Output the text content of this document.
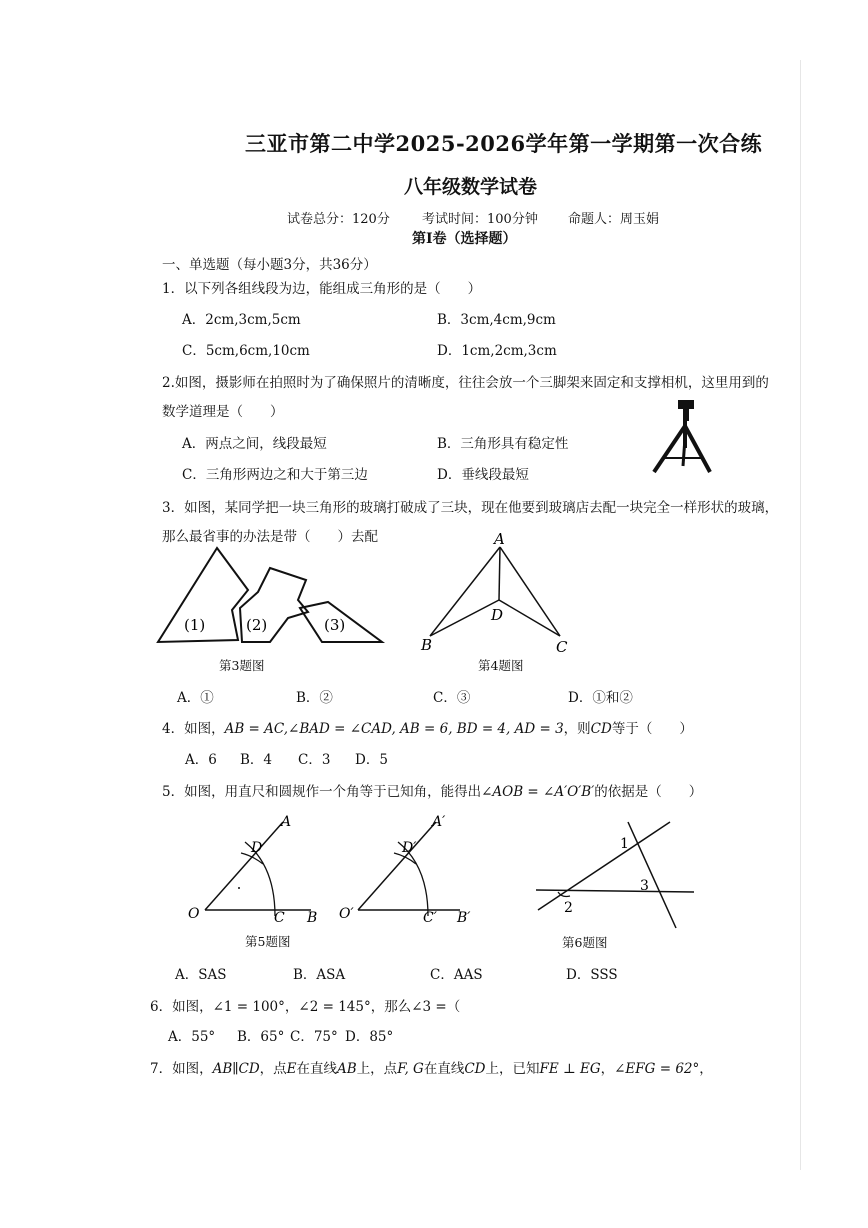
三亚市第二中学2025-2026学年第一学期第一次合练
八年级数学试卷
试卷总分：120分 考试时间：100分钟 命题人：周玉娟
第Ⅰ卷（选择题）
一、单选题（每小题3分，共36分）
1．以下列各组线段为边，能组成三角形的是（　　）
A．2cm,3cm,5cm	B．3cm,4cm,9cm
C．5cm,6cm,10cm	D．1cm,2cm,3cm
2.如图，摄影师在拍照时为了确保照片的清晰度，往往会放一个三脚架来固定和支撑相机，这里用到的
数学道理是（　　）
A．两点之间，线段最短	B．三角形具有稳定性
C．三角形两边之和大于第三边	D．垂线段最短
3．如图，某同学把一块三角形的玻璃打破成了三块，现在他要到玻璃店去配一块完全一样形状的玻璃，
那么最省事的办法是带（　　）去配
(1)	(2)	(3)
第3题图
A
B	C
D
第4题图
A．①	B．②	C．③	D．①和②
4．如图，AB = AC,∠BAD = ∠CAD, AB = 6, BD = 4, AD = 3，则CD等于（　　）
A．6 B．4 C．3 D．5
5．如图，用直尺和圆规作一个角等于已知角，能得出∠AOB = ∠A′O′B′的依据是（　　）
A
D
O	C B
A′
D′
O′	C′ B′
第5题图
1
2
3
第6题图
A．SAS	B．ASA	C．AAS	D．SSS
6．如图，∠1 = 100°，∠2 = 145°，那么∠3 =（
A．55° B．65° C．75° D．85°
7．如图，AB∥CD，点E在直线AB上，点F, G在直线CD上，已知FE ⊥ EG，∠EFG = 62°，
